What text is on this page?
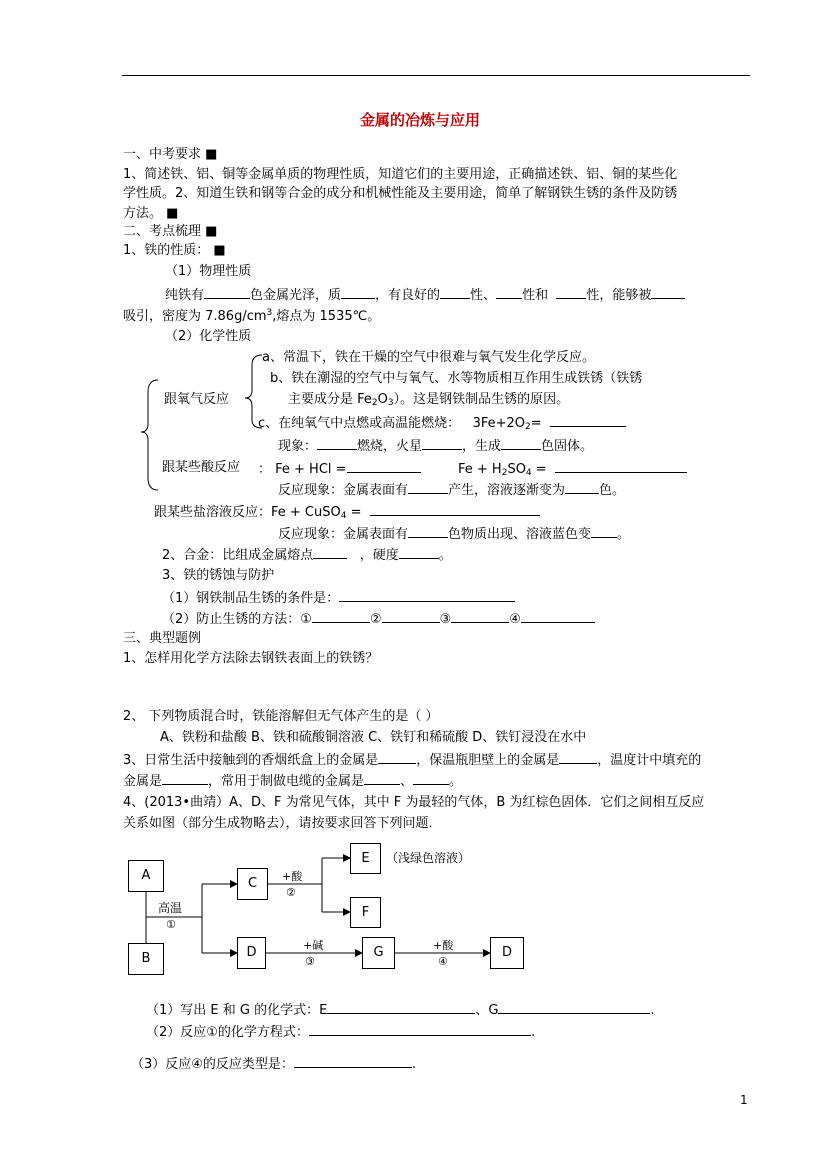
金属的冶炼与应用
一、中考要求 ■
1、简述铁、铝、铜等金属单质的物理性质，知道它们的主要用途，正确描述铁、铝、铜的某些化
学性质。2、知道生铁和钢等合金的成分和机械性能及主要用途，简单了解钢铁生锈的条件及防锈
方法。 ■
二、考点梳理 ■
1、铁的性质： ■
（1）物理性质
纯铁有	色金属光泽，质	，有良好的 性、 性和	性，能够被
吸引，密度为 $7.86g/cm^3$,熔点为 1535℃。
（2）化学性质
a、常温下，铁在干燥的空气中很难与氧气发生化学反应。
b、铁在潮湿的空气中与氧气、水等物质相互作用生成铁锈（铁锈
跟氧气反应	主要成分是 $Fe_2O_3$）。这是钢铁制品生锈的原因。
c、在纯氧气中点燃或高温能燃烧： $3Fe+2O_2=$
现象：	燃烧，火星	，生成	色固体。
跟某些酸反应 ： Fe + HCl =	$Fe + H_2SO_4$ =
反应现象：金属表面有	产生，溶液逐渐变为	色。
跟某些盐溶液反应：Fe + CuSO$_4$ =
反应现象：金属表面有	色物质出现、溶液蓝色变 。
2、合金：比组成金属熔点	，硬度	。
3、铁的锈蚀与防护
（1）钢铁制品生锈的条件是：
（2）防止生锈的方法：①	②	③	④
三、典型题例
1、怎样用化学方法除去钢铁表面上的铁锈？
2、 下列物质混合时，铁能溶解但无气体产生的是（ ）
A、铁粉和盐酸 B、铁和硫酸铜溶液 C、铁钉和稀硫酸 D、铁钉浸没在水中
3、日常生活中接触到的香烟纸盒上的金属是	，保温瓶胆壁上的金属是	，温度计中填充的
金属是	，常用于制做电缆的金属是	、	。
4、(2013•曲靖）A、D、F 为常见气体，其中 F 为最轻的气体，B 为红棕色固体．它们之间相互反应
关系如图（部分生成物略去），请按要求回答下列问题．
A
B
C
D
E
F
G	D
（浅绿色溶液）
高温
①
+酸
②
+碱
③
+酸
④
（1）写出 E 和 G 的化学式：E	、G	.
（2）反应①的化学方程式：	.
（3）反应④的反应类型是：	.
1
